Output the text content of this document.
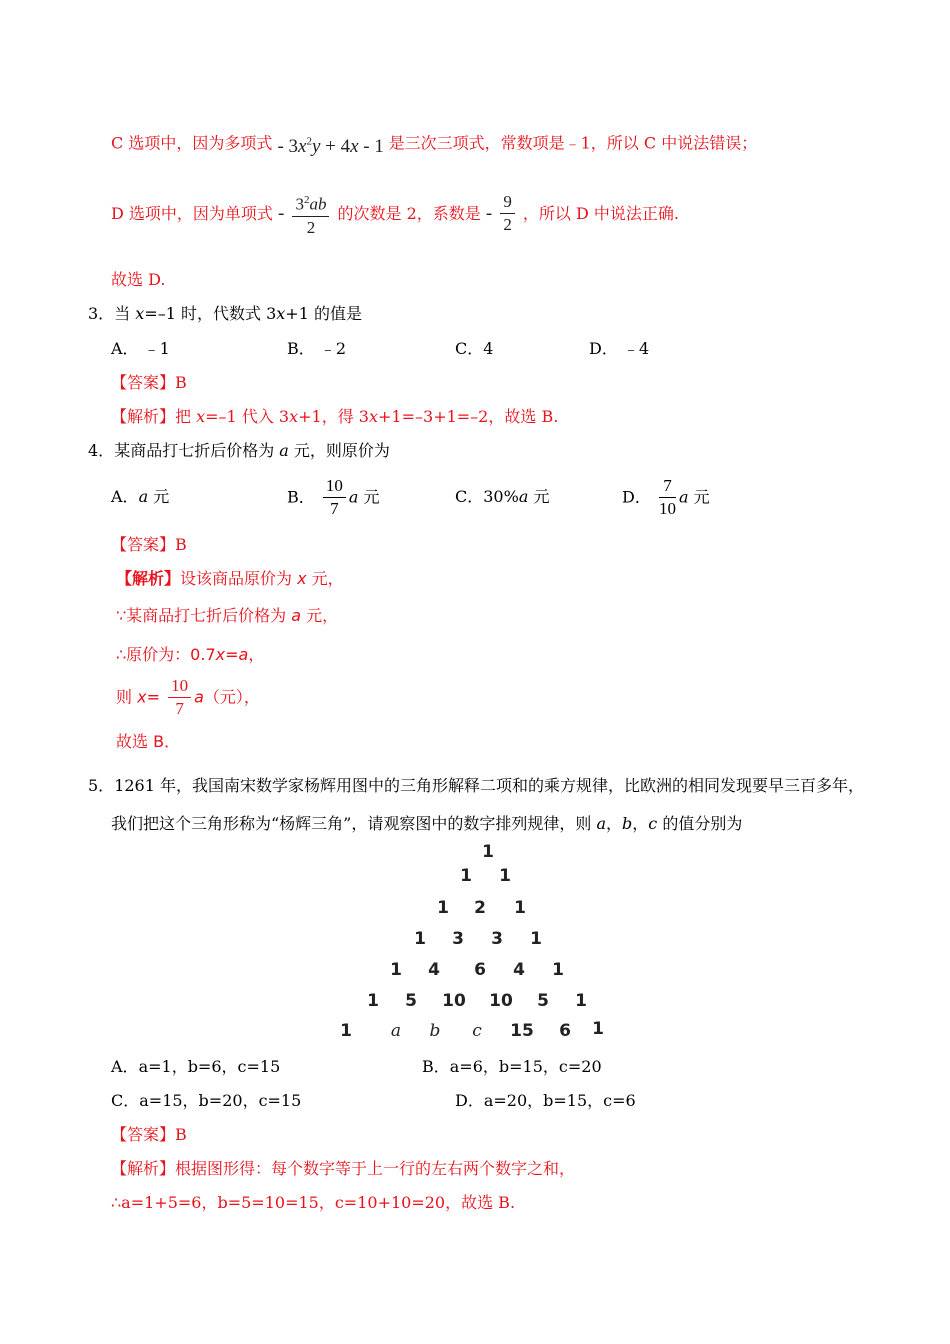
C 选项中，因为多项式 - $3x^2y + 4x - 1$ 是三次三项式，常数项是﹣1，所以 C 中说法错误；
D 选项中，因为单项式 - $\frac{3^2ab}{2}$ 的次数是 2，系数是 - $\frac{9}{2}$ ，所以 D 中说法正确.
故选 D.
3．当 x=–1 时，代数式 3x+1 的值是
A． ﹣1	B． ﹣2	C．4	D． ﹣4
【答案】B
【解析】把 x=–1 代入 3x+1，得 3x+1=–3+1=–2，故选 B.
4．某商品打七折后价格为 a 元，则原价为
A．a 元	B． $\frac{10}{7}$ a 元	C．30%a 元	D． $\frac{7}{10}$ a 元
【答案】B
【解析】设该商品原价为 x 元，
∵某商品打七折后价格为 a 元，
∴原价为：0.7x=a，
则 $x= \frac{10}{7} a$（元），
故选 B．
5．1261 年，我国南宋数学家杨辉用图中的三角形解释二项和的乘方规律，比欧洲的相同发现要早三百多年，
我们把这个三角形称为“杨辉三角”，请观察图中的数字排列规律，则 a，b，c 的值分别为
1
1 1
1 2 1
1 3 3 1
1 4 6 4 1
1 5 10 10 5 1
1 a b c 15 6 1
A．a=1，b=6，c=15	B．a=6，b=15，c=20
C．a=15，b=20，c=15	D．a=20，b=15，c=6
【答案】B
【解析】根据图形得：每个数字等于上一行的左右两个数字之和，
∴a=1+5=6，b=5=10=15，c=10+10=20，故选 B.
